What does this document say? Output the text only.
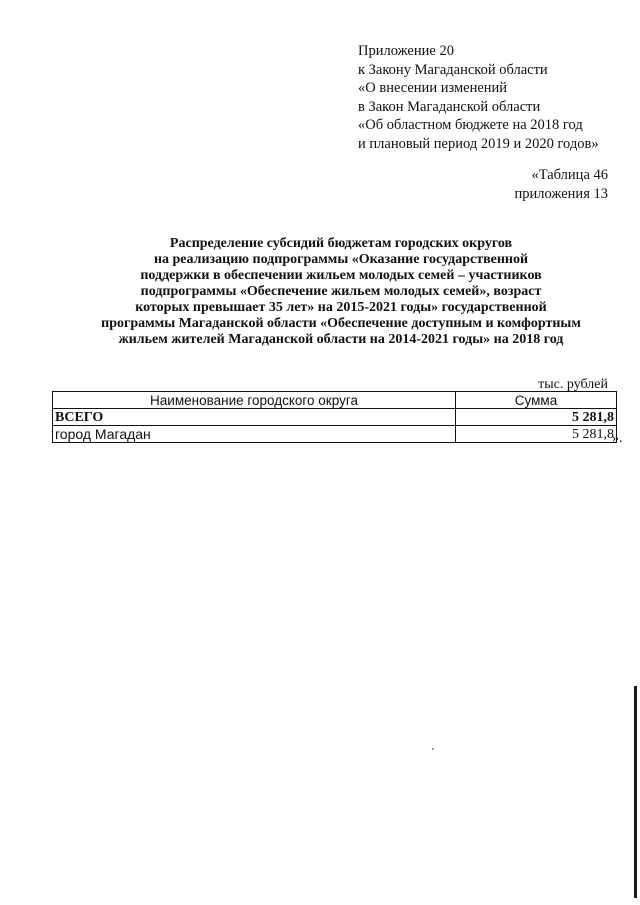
Приложение 20
к Закону Магаданской области
«О внесении изменений
в Закон Магаданской области
«Об областном бюджете на 2018 год
и плановый период 2019 и 2020 годов»
«Таблица 46
приложения 13
Распределение субсидий бюджетам городских округов
на реализацию подпрограммы «Оказание государственной
поддержки в обеспечении жильем молодых семей – участников
подпрограммы «Обеспечение жильем молодых семей», возраст
которых превышает 35 лет» на 2015-2021 годы» государственной
программы Магаданской области «Обеспечение доступным и комфортным
жильем жителей Магаданской области на 2014-2021 годы» на 2018 год
тыс. рублей
Наименование городского округа	Сумма
ВСЕГО	5 281,8
город Магадан	5 281,8
».
